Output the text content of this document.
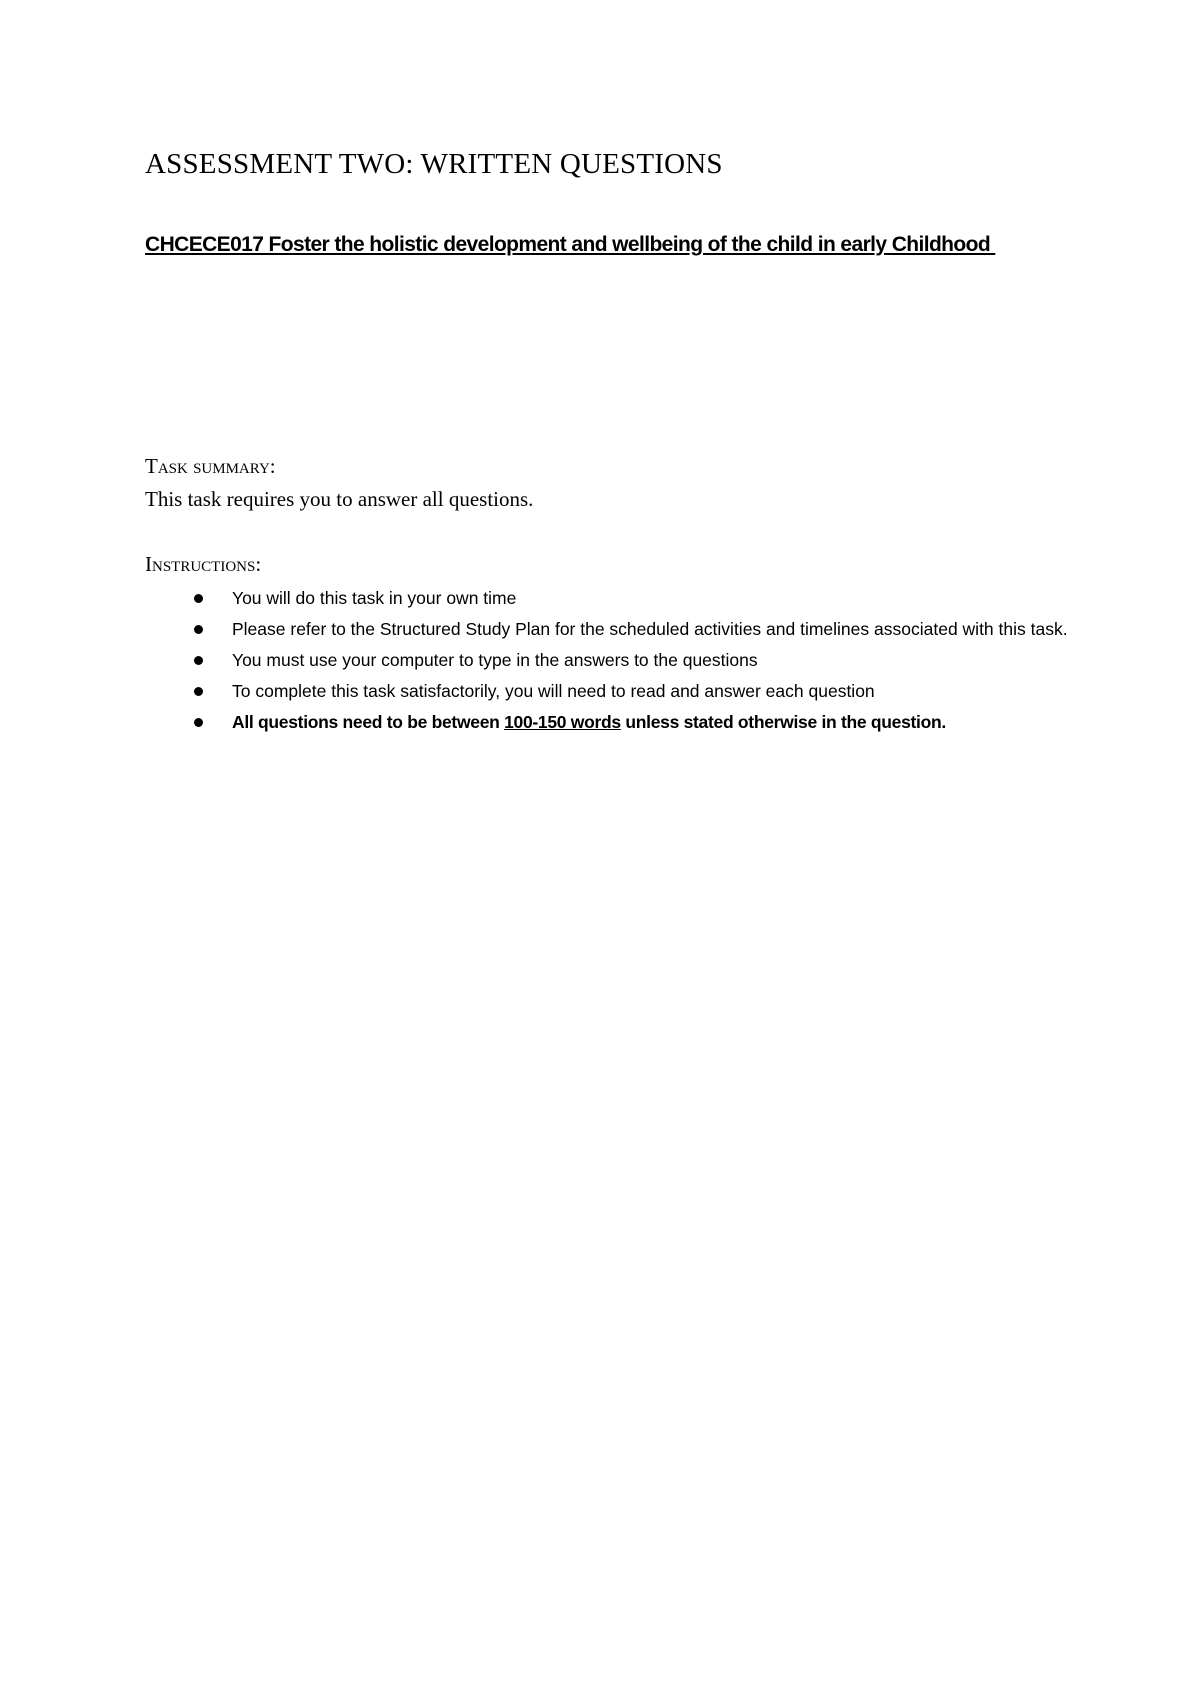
ASSESSMENT TWO: WRITTEN QUESTIONS

CHCECE017 Foster the holistic development and wellbeing of the child in early Childhood

Task summary:

This task requires you to answer all questions.

Instructions:
You will do this task in your own time
Please refer to the Structured Study Plan for the scheduled activities and timelines associated with this task.
You must use your computer to type in the answers to the questions
To complete this task satisfactorily, you will need to read and answer each question
All questions need to be between 100-150 words unless stated otherwise in the question.
